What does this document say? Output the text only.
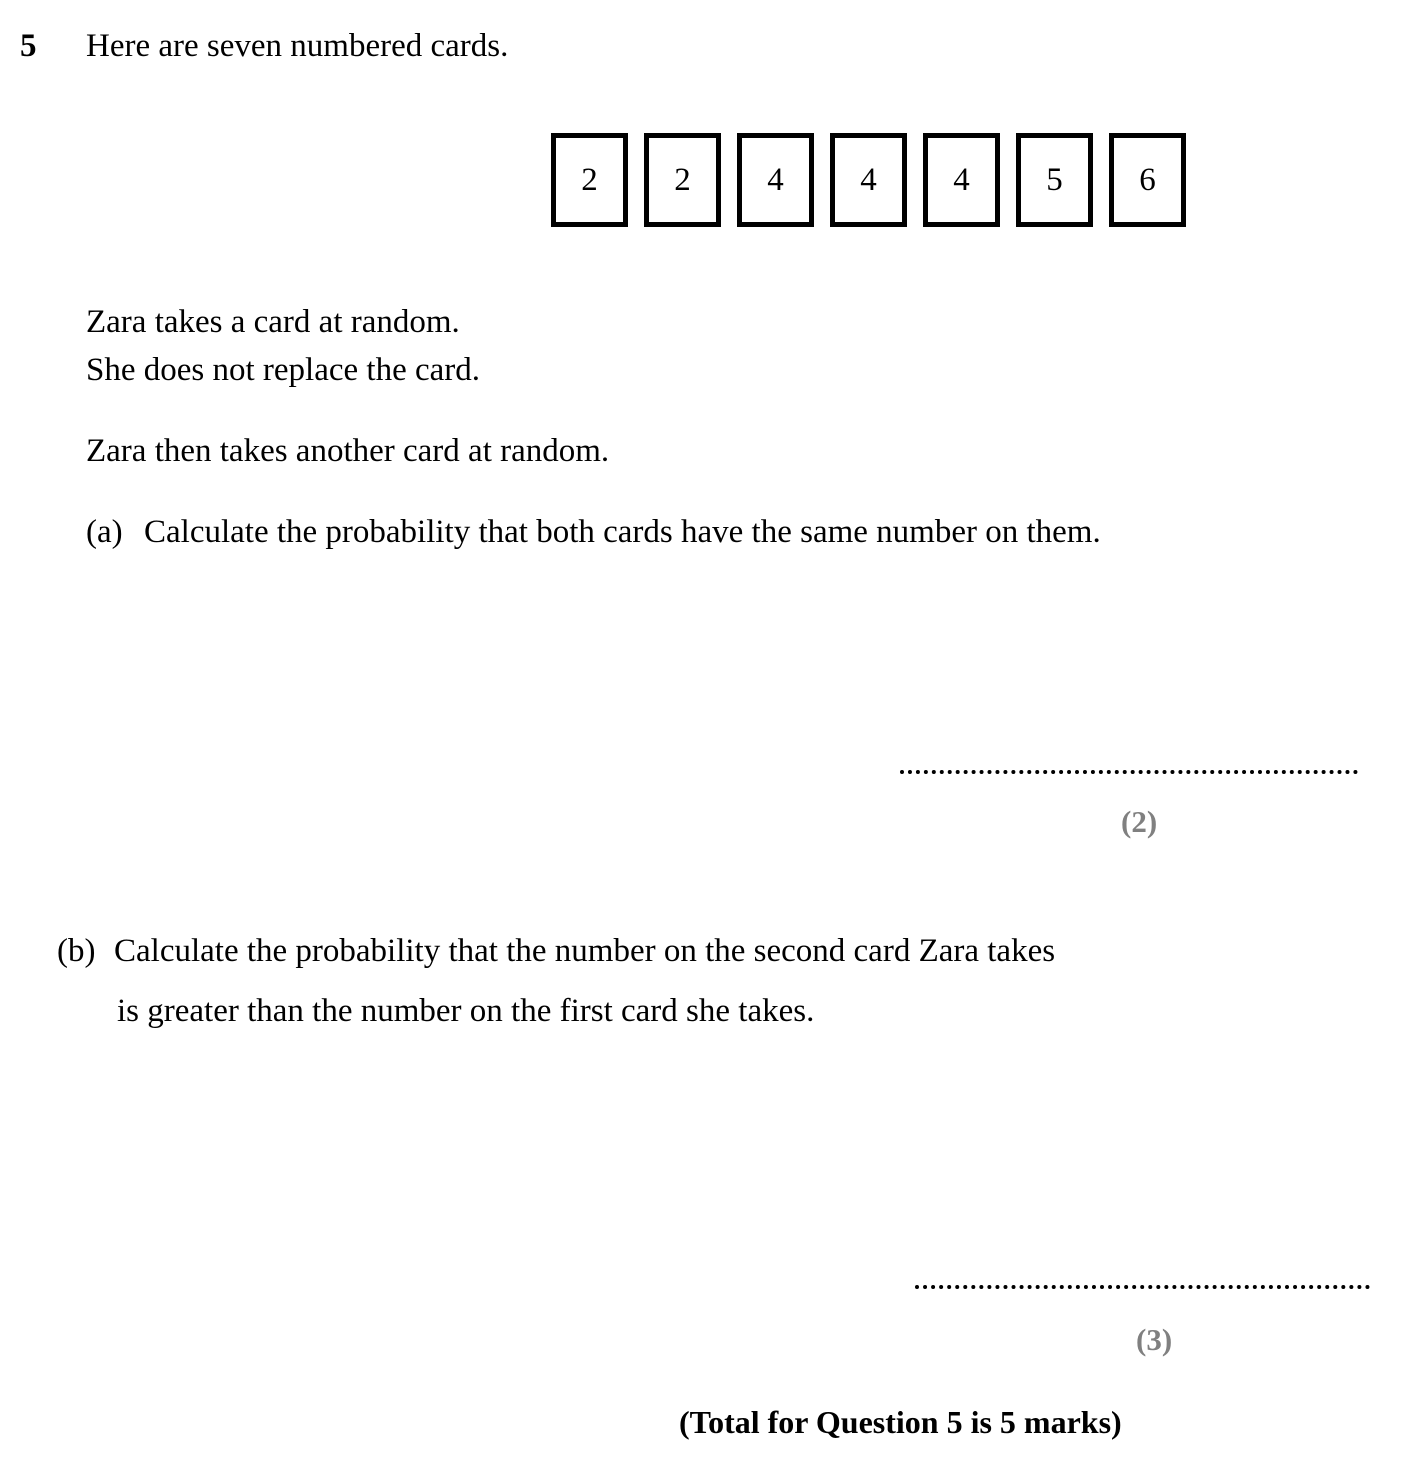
5 Here are seven numbered cards.
2 2 4 4 4 5 6
Zara takes a card at random.
She does not replace the card.
Zara then takes another card at random.
(a) Calculate the probability that both cards have the same number on them.
(2)
(b) Calculate the probability that the number on the second card Zara takes
is greater than the number on the first card she takes.
(3)
(Total for Question 5 is 5 marks)
